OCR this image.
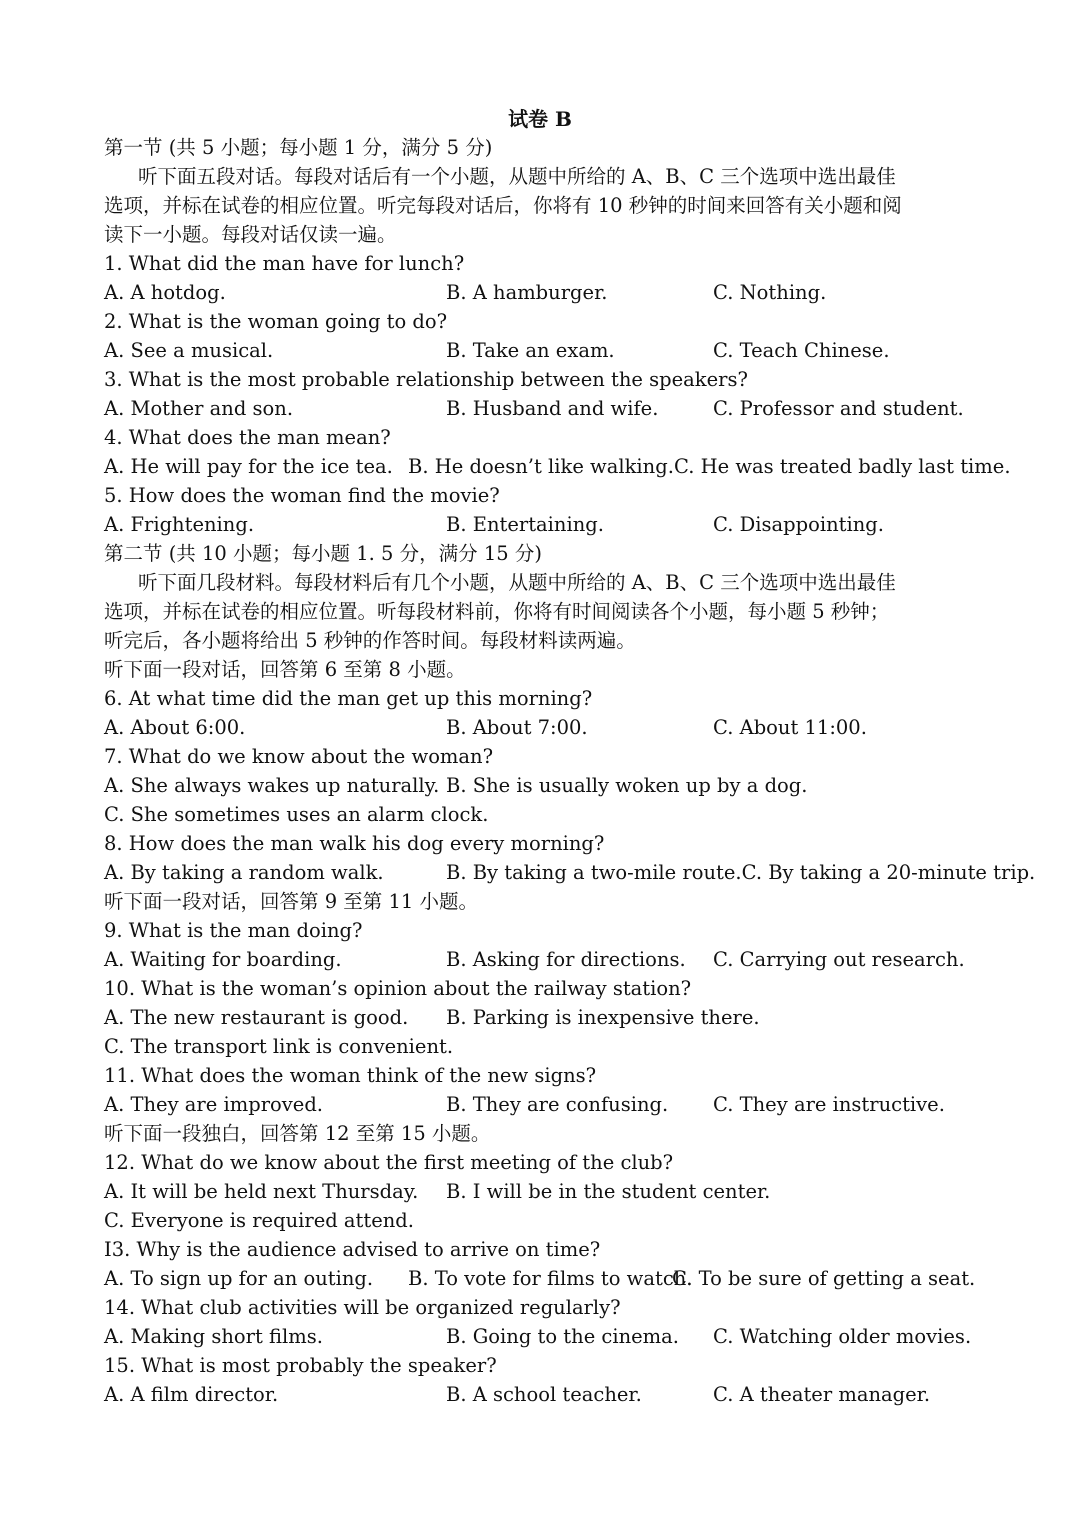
试卷 B
第一节 (共 5 小题；每小题 1 分，满分 5 分)
听下面五段对话。每段对话后有一个小题，从题中所给的 A、B、C 三个选项中选出最佳
选项，并标在试卷的相应位置。听完每段对话后，你将有 10 秒钟的时间来回答有关小题和阅
读下一小题。每段对话仅读一遍。
1. What did the man have for lunch?
A. A hotdog.	B. A hamburger.	C. Nothing.
2. What is the woman going to do?
A. See a musical.	B. Take an exam.	C. Teach Chinese.
3. What is the most probable relationship between the speakers?
A. Mother and son.	B. Husband and wife.	C. Professor and student.
4. What does the man mean?
A. He will pay for the ice tea. B. He doesn’t like walking. C. He was treated badly last time.
5. How does the woman find the movie?
A. Frightening.	B. Entertaining.	C. Disappointing.
第二节 (共 10 小题；每小题 1. 5 分，满分 15 分)
听下面几段材料。每段材料后有几个小题，从题中所给的 A、B、C 三个选项中选出最佳
选项，并标在试卷的相应位置。听每段材料前，你将有时间阅读各个小题，每小题 5 秒钟；
听完后，各小题将给出 5 秒钟的作答时间。每段材料读两遍。
听下面一段对话，回答第 6 至第 8 小题。
6. At what time did the man get up this morning?
A. About 6:00.	B. About 7:00.	C. About 11:00.
7. What do we know about the woman?
A. She always wakes up naturally. B. She is usually woken up by a dog.
C. She sometimes uses an alarm clock.
8. How does the man walk his dog every morning?
A. By taking a random walk.	B. By taking a two-mile route.C. By taking a 20-minute trip.
听下面一段对话，回答第 9 至第 11 小题。
9. What is the man doing?
A. Waiting for boarding.	B. Asking for directions. C. Carrying out research.
10. What is the woman’s opinion about the railway station?
A. The new restaurant is good. B. Parking is inexpensive there.
C. The transport link is convenient.
11. What does the woman think of the new signs?
A. They are improved.	B. They are confusing. C. They are instructive.
听下面一段独白，回答第 12 至第 15 小题。
12. What do we know about the first meeting of the club?
A. It will be held next Thursday. B. I will be in the student center.
C. Everyone is required attend.
I3. Why is the audience advised to arrive on time?
A. To sign up for an outing. B. To vote for films to watch.
C. To be sure of getting a seat.
14. What club activities will be organized regularly?
A. Making short films.	B. Going to the cinema. C. Watching older movies.
15. What is most probably the speaker?
A. A film director.	B. A school teacher.	C. A theater manager.
